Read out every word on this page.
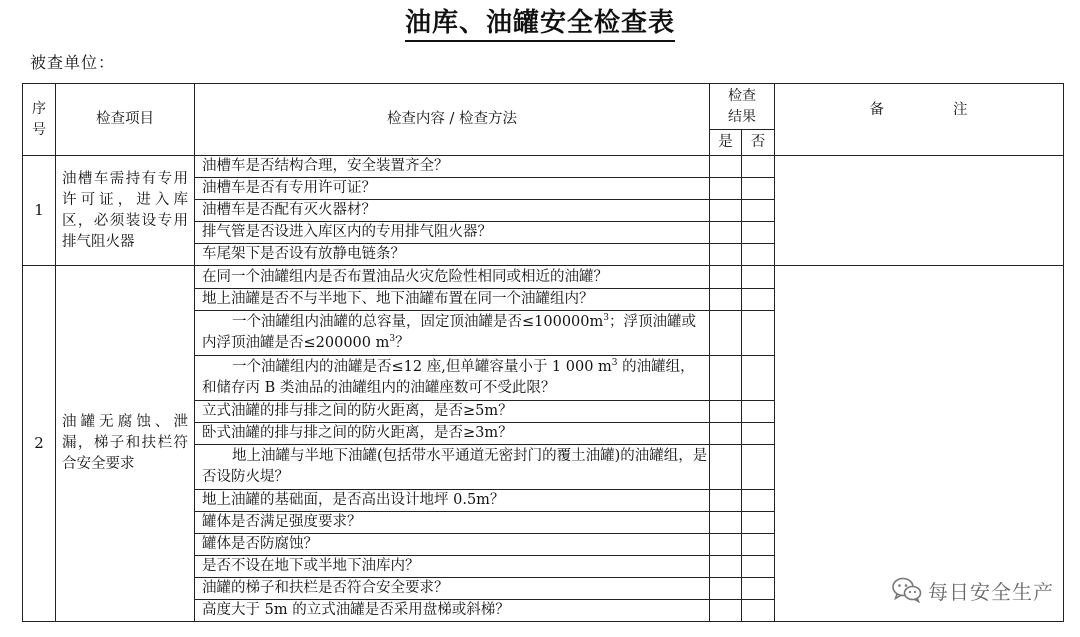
油库、油罐安全检查表
被查单位：
序号	检查项目	检查内容 / 检查方法	检查结果		备 注
			是	否	
1	油槽车需持有专用许可证，进入库区，必须装设专用排气阻火器	油槽车是否结构合理，安全装置齐全？			
		油槽车是否有专用许可证？			
		油槽车是否配有灭火器材？			
		排气管是否设进入库区内的专用排气阻火器？			
		车尾架下是否设有放静电链条？			
2	油罐无腐蚀、泄漏，梯子和扶栏符合安全要求	在同一个油罐组内是否布置油品火灾危险性相同或相近的油罐？			
		地上油罐是否不与半地下、地下油罐布置在同一个油罐组内？			
		一个油罐组内油罐的总容量，固定顶油罐是否$\le 100000m^3$；浮顶油罐或内浮顶油罐是否≤200000 $m^3$？			
		一个油罐组内的油罐是否≤12 座,但单罐容量小于 1 000 $m^3$ 的油罐组，和储存丙 B 类油品的油罐组内的油罐座数可不受此限？			
		立式油罐的排与排之间的防火距离，是否≥5m？			
		卧式油罐的排与排之间的防火距离，是否≥3m？			
		地上油罐与半地下油罐(包括带水平通道无密封门的覆土油罐)的油罐组，是否设防火堤？			
		地上油罐的基础面，是否高出设计地坪 0.5m？			
		罐体是否满足强度要求？			
		罐体是否防腐蚀？			
		是否不设在地下或半地下油库内？			
		油罐的梯子和扶栏是否符合安全要求？			
		高度大于 5m 的立式油罐是否采用盘梯或斜梯？			
每日安全生产
